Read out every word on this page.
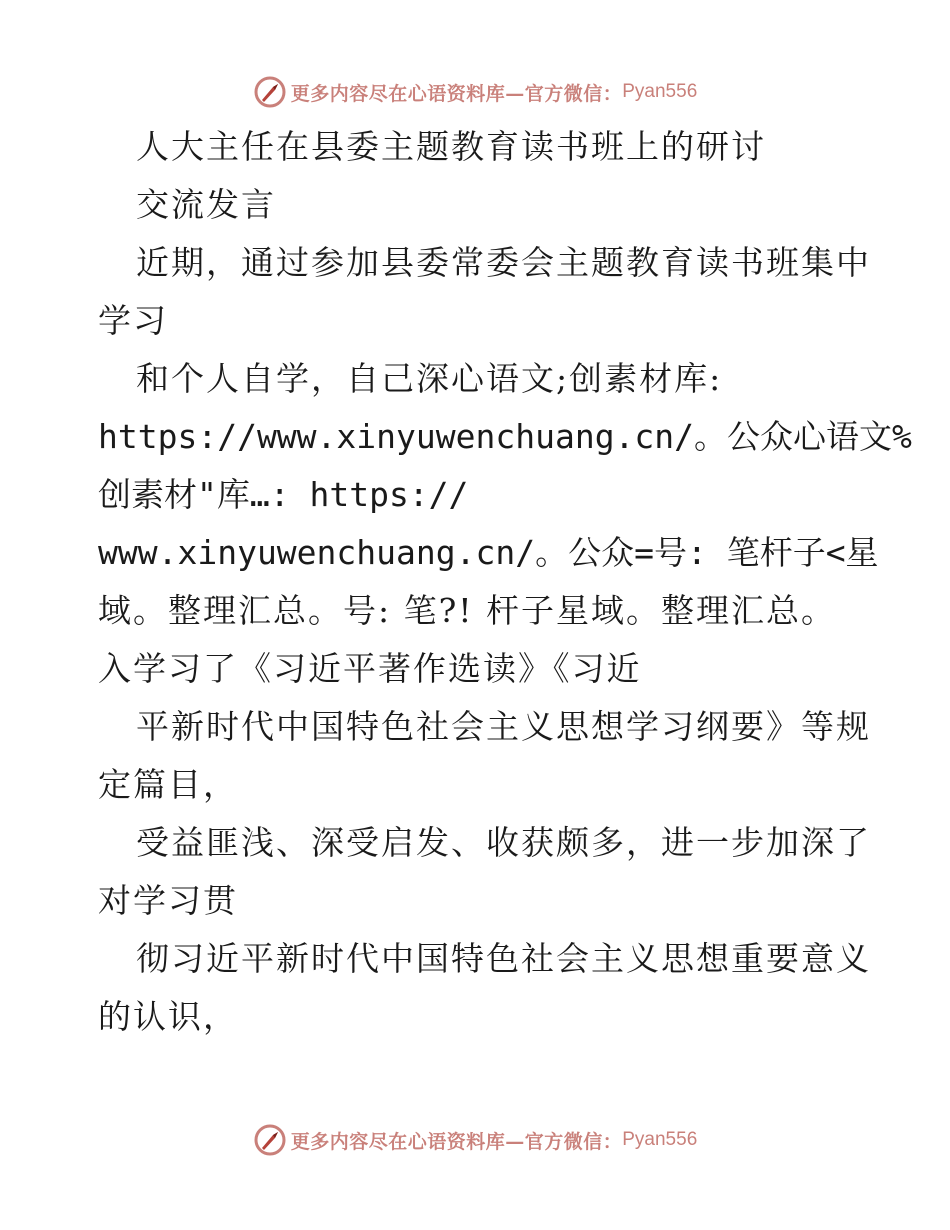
更多内容尽在心语资料库—官方微信： Pyan556
人大主任在县委主题教育读书班上的研讨
交流发言
近期，通过参加县委常委会主题教育读书班集中
学习
和个人自学，自己深心语文;创素材库:
https://www.xinyuwenchuang.cn/。公众心语文%
创素材"库…: https://
www.xinyuwenchuang.cn/。公众=号: 笔杆子<星
域。整理汇总。号: 笔?! 杆子星域。整理汇总。
入学习了《习近平著作选读》《习近
平新时代中国特色社会主义思想学习纲要》等规
定篇目，
受益匪浅、深受启发、收获颇多，进一步加深了
对学习贯
彻习近平新时代中国特色社会主义思想重要意义
的认识，
更多内容尽在心语资料库—官方微信： Pyan556
